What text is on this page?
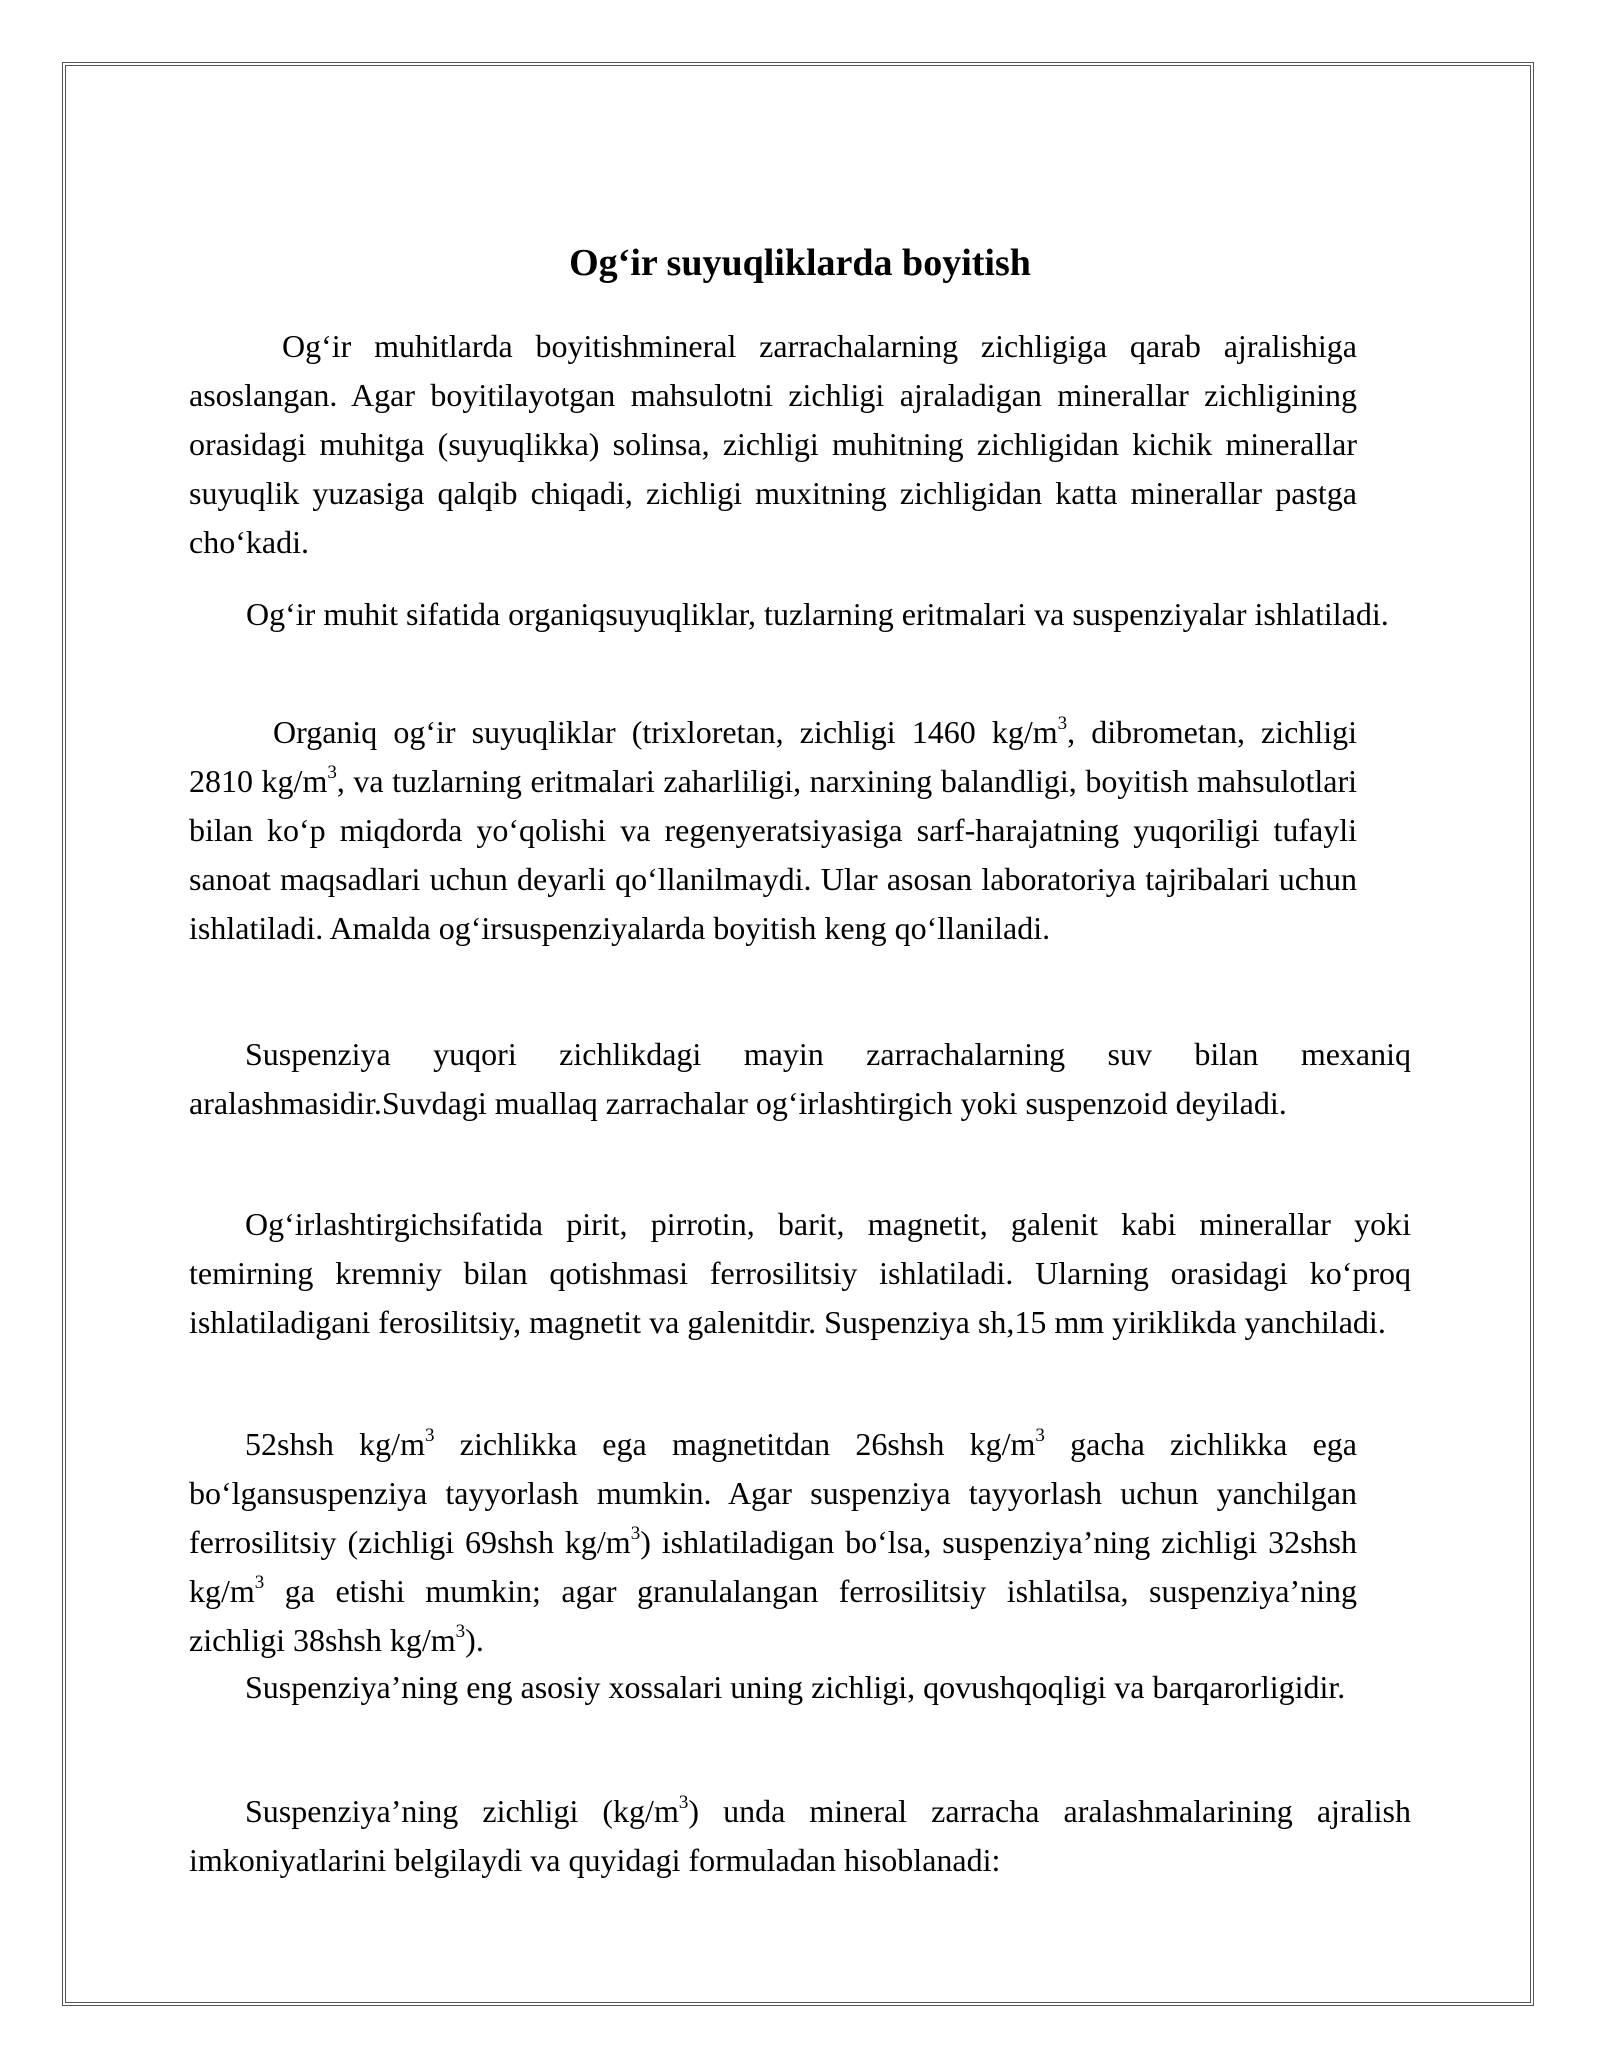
Og‘ir suyuqliklarda boyitish

Og‘ir muhitlarda boyitishmineral zarrachalarning zichligiga qarab ajralishiga asoslangan. Agar boyitilayotgan mahsulotni zichligi ajraladigan minerallar zichligining orasidagi muhitga (suyuqlikka) solinsa, zichligi muhitning zichligidan kichik minerallar suyuqlik yuzasiga qalqib chiqadi, zichligi muxitning zichligidan katta minerallar pastga cho‘kadi.

Og‘ir muhit sifatida organiqsuyuqliklar, tuzlarning eritmalari va suspenziyalar ishlatiladi.

Organiq og‘ir suyuqliklar (trixloretan, zichligi 1460 $kg/m^3$, dibrometan, zichligi 2810 $kg/m^3$, va tuzlarning eritmalari zaharliligi, narxining balandligi, boyitish mahsulotlari bilan ko‘p miqdorda yo‘qolishi va regenyeratsiyasiga sarf-harajatning yuqoriligi tufayli sanoat maqsadlari uchun deyarli qo‘llanilmaydi. Ular asosan laboratoriya tajribalari uchun ishlatiladi. Amalda og‘irsuspenziyalarda boyitish keng qo‘llaniladi.

Suspenziya yuqori zichlikdagi mayin zarrachalarning suv bilan mexaniq aralashmasidir.Suvdagi muallaq zarrachalar og‘irlashtirgich yoki suspenzoid deyiladi.

Og‘irlashtirgichsifatida pirit, pirrotin, barit, magnetit, galenit kabi minerallar yoki temirning kremniy bilan qotishmasi ferrosilitsiy ishlatiladi. Ularning orasidagi ko‘proq ishlatiladigani ferosilitsiy, magnetit va galenitdir. Suspenziya sh,15 mm yiriklikda yanchiladi.

52shsh $kg/m^3$ zichlikka ega magnetitdan 26shsh $kg/m^3$ gacha zichlikka ega bo‘lgansuspenziya tayyorlash mumkin. Agar suspenziya tayyorlash uchun yanchilgan ferrosilitsiy (zichligi 69shsh $kg/m^3$) ishlatiladigan bo‘lsa, suspenziya’ning zichligi 32shsh $kg/m^3$ ga etishi mumkin; agar granulalangan ferrosilitsiy ishlatilsa, suspenziya’ning zichligi 38shsh $kg/m^3$).

Suspenziya’ning eng asosiy xossalari uning zichligi, qovushqoqligi va barqarorligidir.

Suspenziya’ning zichligi $(kg/m^3)$ unda mineral zarracha aralashmalarining ajralish imkoniyatlarini belgilaydi va quyidagi formuladan hisoblanadi:
